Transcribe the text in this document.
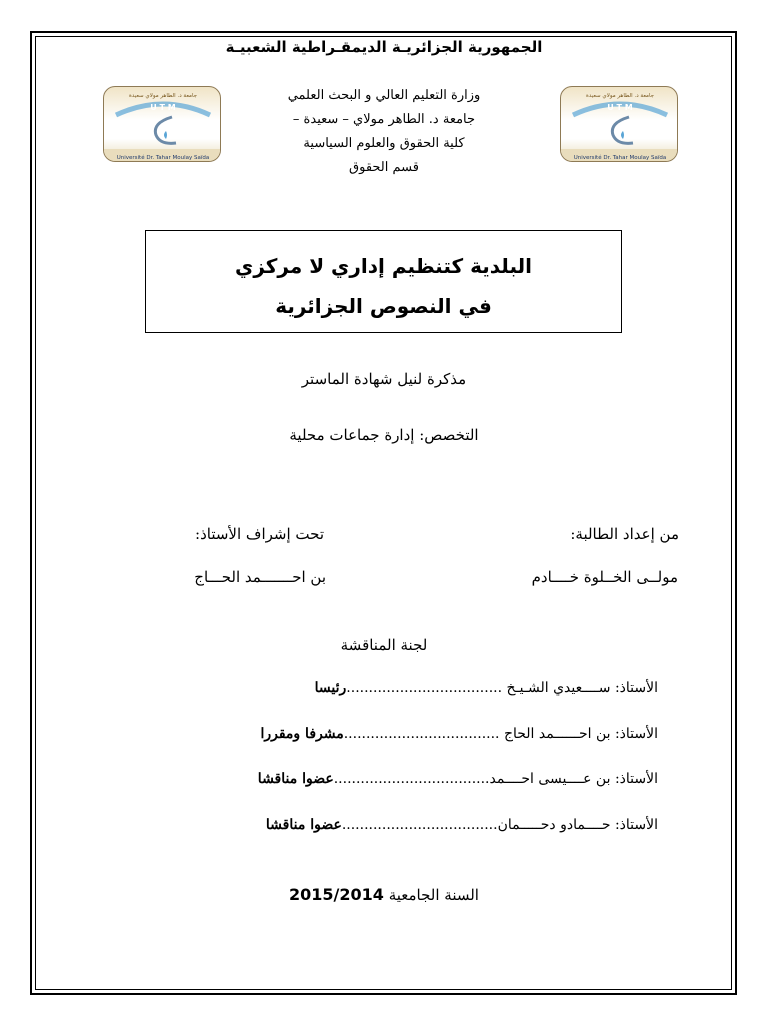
الجمهورية الجزائريـة الديمقـراطية الشعبيـة
وزارة التعليم العالي و البحث العلمي
جامعة د. الطاهر مولاي – سعيدة –
كلية الحقوق والعلوم السياسية
قسم الحقوق
جامعة د. الطاهر مولاي سعيدة
U T M
Université Dr. Tahar Moulay Saïda
جامعة د. الطاهر مولاي سعيدة
U T M
Université Dr. Tahar Moulay Saïda
البلدية كتنظيم إداري لا مركزي
في النصوص الجزائرية
مذكرة لنيل شهادة الماستر
التخصص: إدارة جماعات محلية
من إعداد الطالبة:
تحت إشراف الأستاذ:
مولــى الخــلوة خــــادم
بن احـــــــمد الحـــاج
لجنة المناقشة
الأستاذ: ســــعيدي الشـيـخ ...................................رئيسا
الأستاذ: بن احــــــمد الحاج ...................................مشرفا ومقررا
الأستاذ: بن عــــيسى احــــمد...................................عضوا مناقشا
الأستاذ: حــــمادو دحـــــمان...................................عضوا مناقشا
السنة الجامعية 2015/2014
